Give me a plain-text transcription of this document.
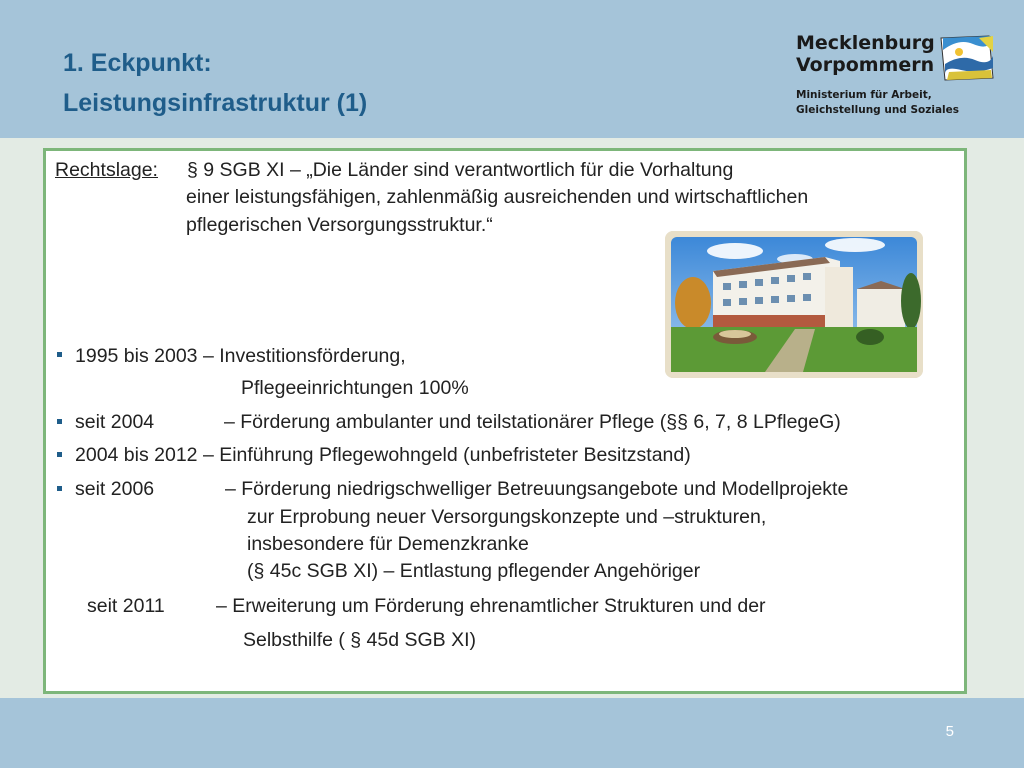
1. Eckpunkt:
Leistungsinfrastruktur (1)
Mecklenburg
Vorpommern
Ministerium für Arbeit,
Gleichstellung und Soziales
Rechtslage: § 9 SGB XI – „Die Länder sind verantwortlich für die Vorhaltung
einer leistungsfähigen, zahlenmäßig ausreichenden und wirtschaftlichen
pflegerischen Versorgungsstruktur.“
1995 bis 2003 – Investitionsförderung,
Pflegeeinrichtungen 100%
seit 2004	– Förderung ambulanter und teilstationärer Pflege (§§ 6, 7, 8 LPflegeG)
2004 bis 2012 – Einführung Pflegewohngeld (unbefristeter Besitzstand)
seit 2006	– Förderung niedrigschwelliger Betreuungsangebote und Modellprojekte
zur Erprobung neuer Versorgungskonzepte und –strukturen,
insbesondere für Demenzkranke
(§ 45c SGB XI) – Entlastung pflegender Angehöriger
seit 2011	– Erweiterung um Förderung ehrenamtlicher Strukturen und der
Selbsthilfe ( § 45d SGB XI)
5
